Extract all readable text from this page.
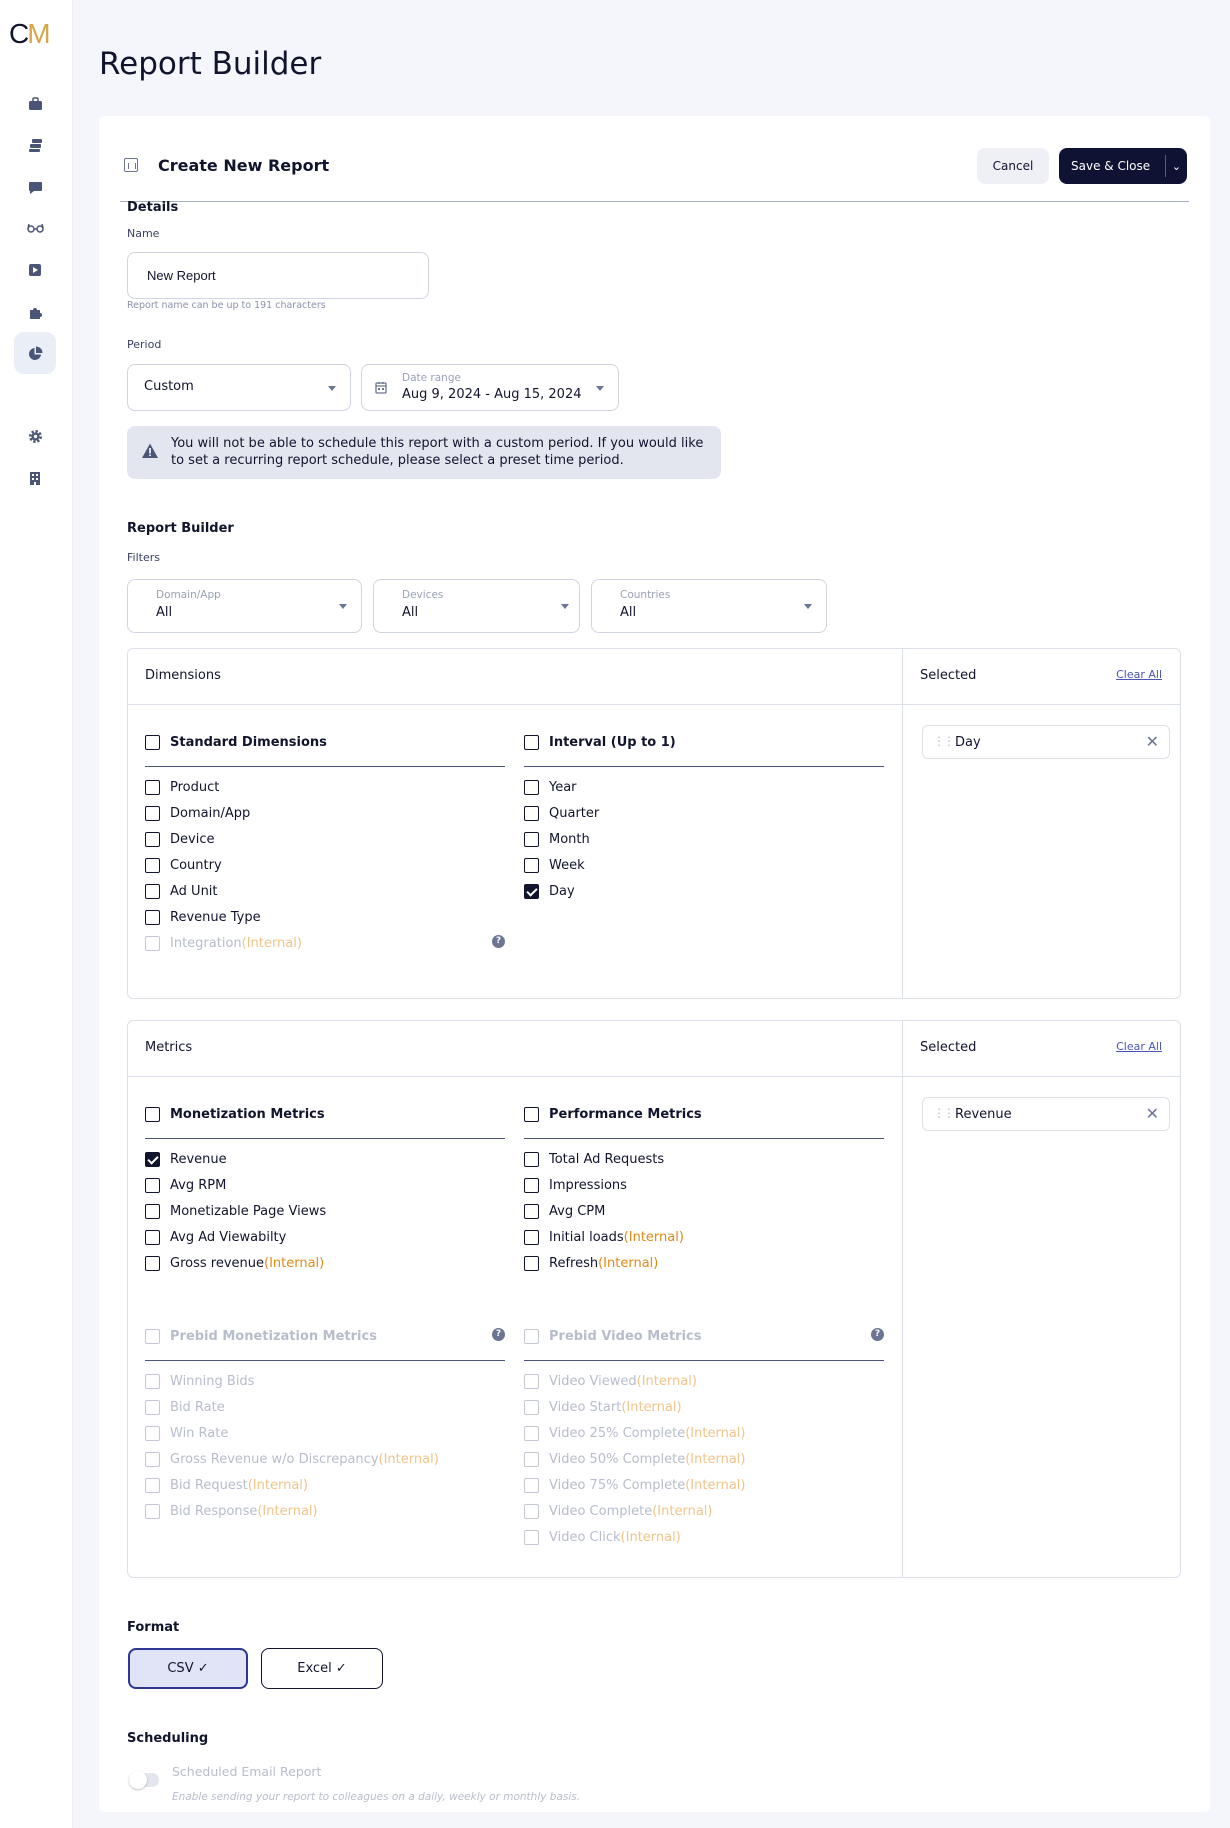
CM
Report Builder
Create New Report	Cancel	Save & Close	⌄
Details
Name
New Report
Report name can be up to 191 characters
Period
Custom
Date range
Aug 9, 2024 - Aug 15, 2024
You will not be able to schedule this report with a custom period. If you would like to set a recurring report schedule, please select a preset time period.
Report Builder
Filters
Domain/App
All
Devices
All
Countries
All
Dimensions	Selected	Clear All
⋮⋮ Day	✕
Standard Dimensions
Product
Domain/App
Device
Country
Ad Unit
Revenue Type
Integration(Internal)	?
Interval (Up to 1)
Year
Quarter
Month
Week
Day
Metrics	Selected	Clear All
⋮⋮ Revenue	✕
Monetization Metrics
Revenue
Avg RPM
Monetizable Page Views
Avg Ad Viewabilty
Gross revenue(Internal)
Performance Metrics
Total Ad Requests
Impressions
Avg CPM
Initial loads(Internal)
Refresh(Internal)
Prebid Monetization Metrics	?
Winning Bids
Bid Rate
Win Rate
Gross Revenue w/o Discrepancy(Internal)
Bid Request(Internal)
Bid Response(Internal)
Prebid Video Metrics	?
Video Viewed(Internal)
Video Start(Internal)
Video 25% Complete(Internal)
Video 50% Complete(Internal)
Video 75% Complete(Internal)
Video Complete(Internal)
Video Click(Internal)
Format
Scheduling
Scheduled Email Report
Enable sending your report to colleagues on a daily, weekly or monthly basis.
CSV ✓	Excel ✓
